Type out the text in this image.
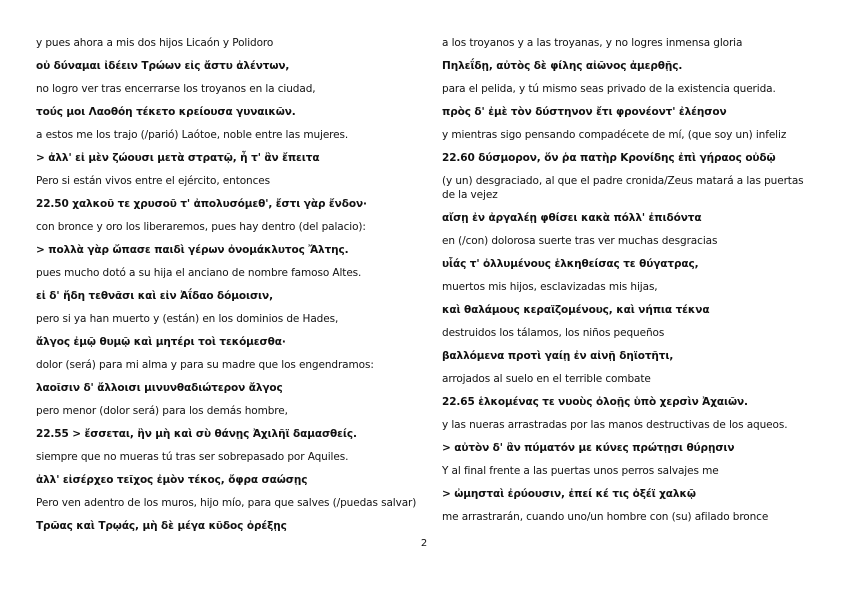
y pues ahora a mis dos hijos Licaón y Polidoro
οὐ δύναμαι ἰδέειν Τρώων εἰς ἄστυ ἀλέντων,
no logro ver tras encerrarse los troyanos en la ciudad,
τούς μοι Λαοθόη τέκετο κρείουσα γυναικῶν.
a estos me los trajo (/parió) Laótoe, noble entre las mujeres.
> ἀλλ' εἰ μὲν ζώουσι μετὰ στρατῷ, ἦ τ' ἂν ἔπειτα
Pero si están vivos entre el ejército, entonces
22.50 χαλκοῦ τε χρυσοῦ τ' ἀπολυσόμεθ', ἔστι γὰρ ἔνδον·
con bronce y oro los liberaremos, pues hay dentro (del palacio):
> πολλὰ γὰρ ὤπασε παιδὶ γέρων ὀνομάκλυτος Ἄλτης.
pues mucho dotó a su hija el anciano de nombre famoso Altes.
εἰ δ' ἤδη τεθνᾶσι καὶ εἰν Ἀΐδαο δόμοισιν,
pero si ya han muerto y (están) en los dominios de Hades,
ἄλγος ἐμῷ θυμῷ καὶ μητέρι τοὶ τεκόμεσθα·
dolor (será) para mi alma y para su madre que los engendramos:
λαοῖσιν δ' ἄλλοισι μινυνθαδιώτερον ἄλγος
pero menor (dolor será) para los demás hombre,
22.55 > ἔσσεται, ἢν μὴ καὶ σὺ θάνῃς Ἀχιλῆϊ δαμασθείς.
siempre que no mueras tú tras ser sobrepasado por Aquiles.
ἀλλ' εἰσέρχεο τεῖχος ἐμὸν τέκος, ὄφρα σαώσῃς
Pero ven adentro de los muros, hijo mío, para que salves (/puedas salvar)
Τρῶας καὶ Τρῳάς, μὴ δὲ μέγα κῦδος ὀρέξῃς
a los troyanos y a las troyanas, y no logres inmensa gloria
Πηλεΐδῃ, αὐτὸς δὲ φίλης αἰῶνος ἀμερθῇς.
para el pelida, y tú mismo seas privado de la existencia querida.
πρὸς δ' ἐμὲ τὸν δύστηνον ἔτι φρονέοντ' ἐλέησον
y mientras sigo pensando compadécete de mí, (que soy un) infeliz
22.60 δύσμορον, ὅν ῥα πατὴρ Κρονίδης ἐπὶ γήραος οὐδῷ
(y un) desgraciado, al que el padre cronida/Zeus matará a las puertas de la vejez
αἴσῃ ἐν ἀργαλέῃ φθίσει κακὰ πόλλ' ἐπιδόντα
en (/con) dolorosa suerte tras ver muchas desgracias
υἷάς τ' ὀλλυμένους ἑλκηθείσας τε θύγατρας,
muertos mis hijos, esclavizadas mis hijas,
καὶ θαλάμους κεραϊζομένους, καὶ νήπια τέκνα
destruidos los tálamos, los niños pequeños
βαλλόμενα προτὶ γαίῃ ἐν αἰνῇ δηϊοτῆτι,
arrojados al suelo en el terrible combate
22.65 ἑλκομένας τε νυοὺς ὀλοῇς ὑπὸ χερσὶν Ἀχαιῶν.
y las nueras arrastradas por las manos destructivas de los aqueos.
> αὐτὸν δ' ἂν πύματόν με κύνες πρώτῃσι θύρῃσιν
Y al final frente a las puertas unos perros salvajes me
> ὠμησταὶ ἐρύουσιν, ἐπεί κέ τις ὀξέϊ χαλκῷ
me arrastrarán, cuando uno/un hombre con (su) afilado bronce
2
